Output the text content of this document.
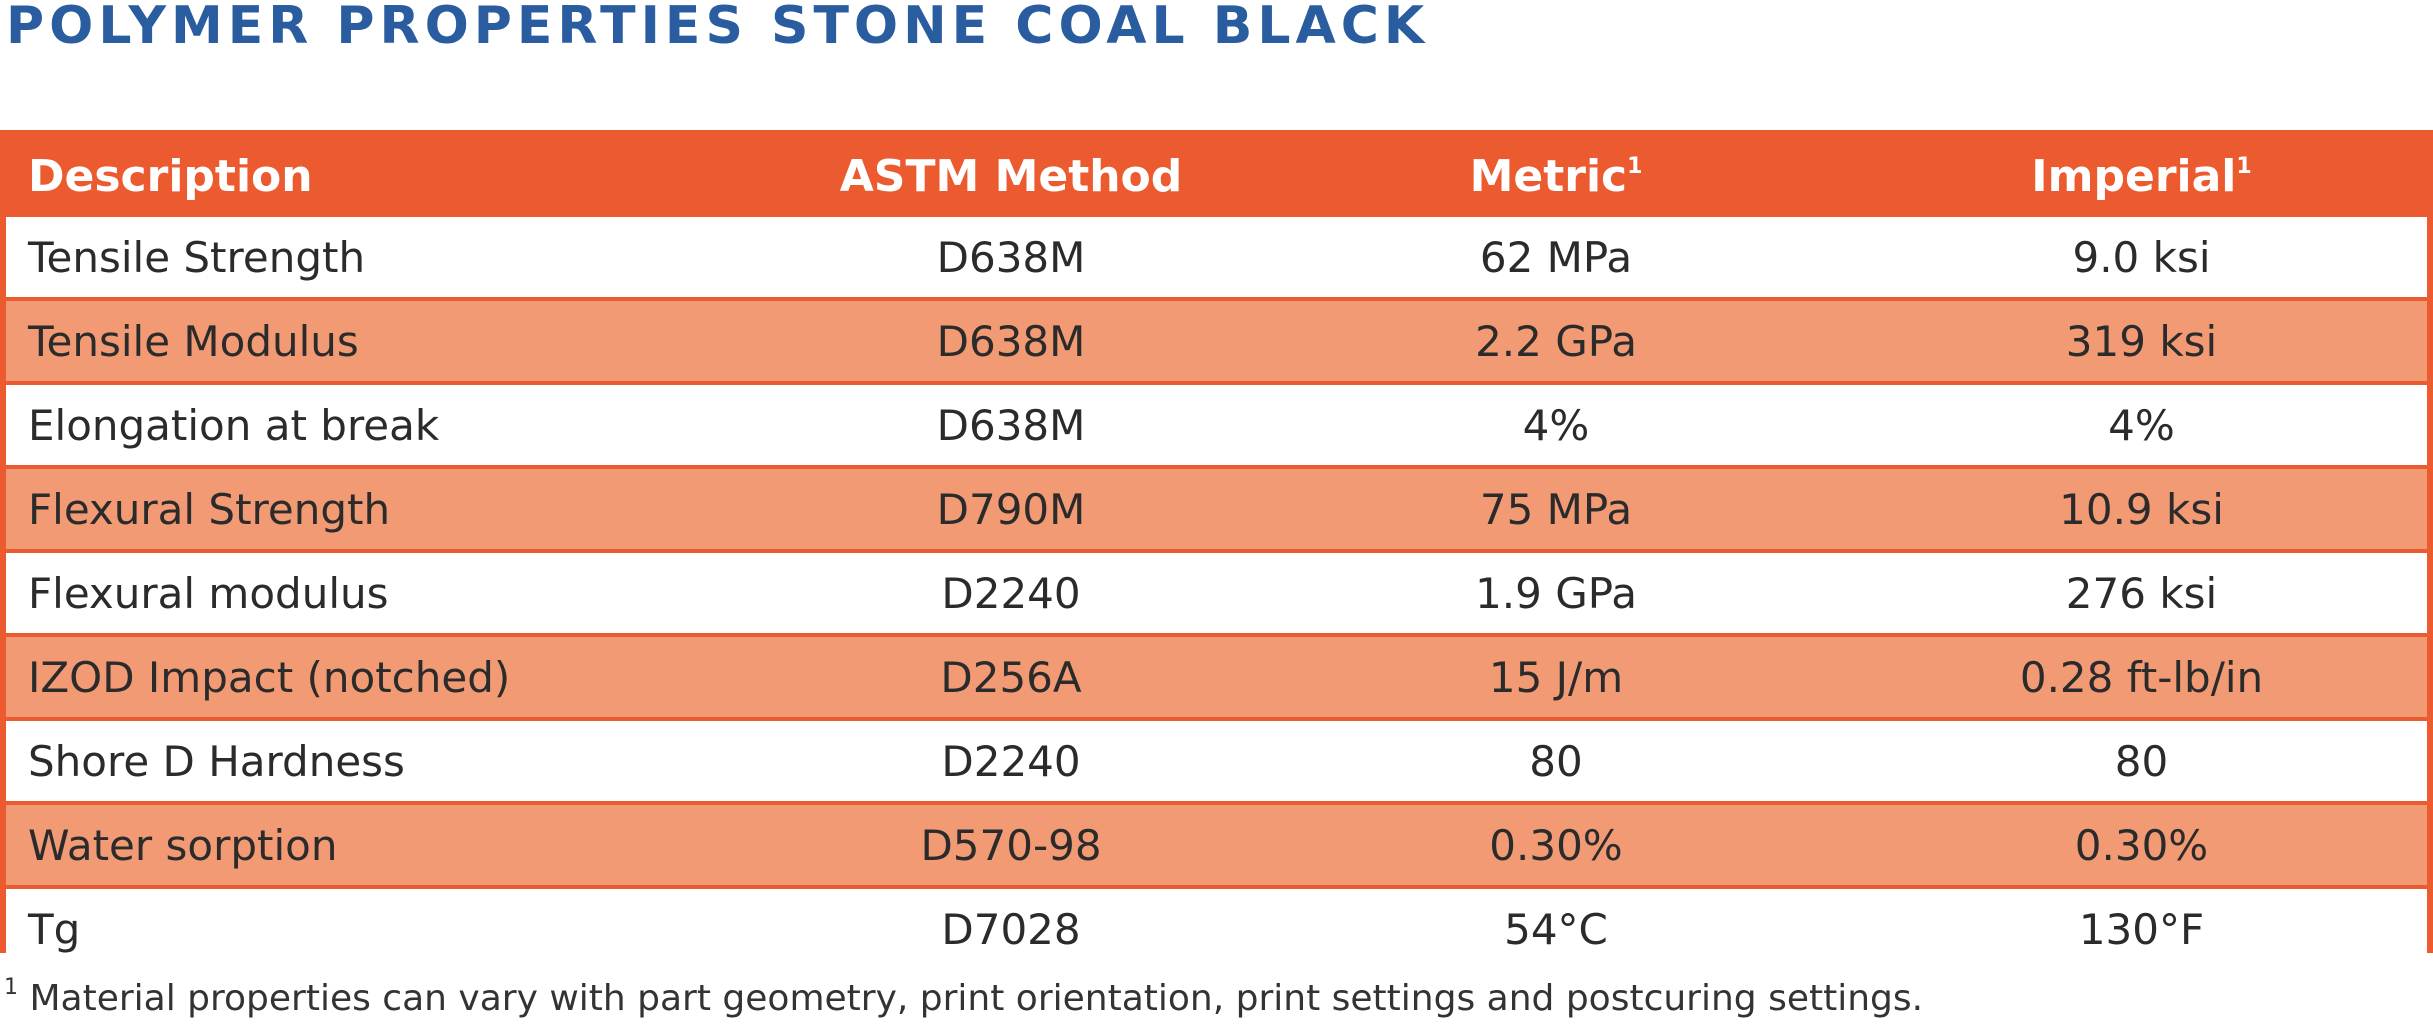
POLYMER PROPERTIES STONE COAL BLACK
Description	ASTM Method	Metric$^1$	Imperial$^1$
Tensile Strength	D638M	62 MPa	9.0 ksi
Tensile Modulus	D638M	2.2 GPa	319 ksi
Elongation at break	D638M	4%	4%
Flexural Strength	D790M	75 MPa	10.9 ksi
Flexural modulus	D2240	1.9 GPa	276 ksi
IZOD Impact (notched)	D256A	15 J/m	0.28 ft-lb/in
Shore D Hardness	D2240	80	80
Water sorption	D570-98	0.30%	0.30%
Tg	D7028	54°C	130°F
$^1$ Material properties can vary with part geometry, print orientation, print settings and postcuring settings.
